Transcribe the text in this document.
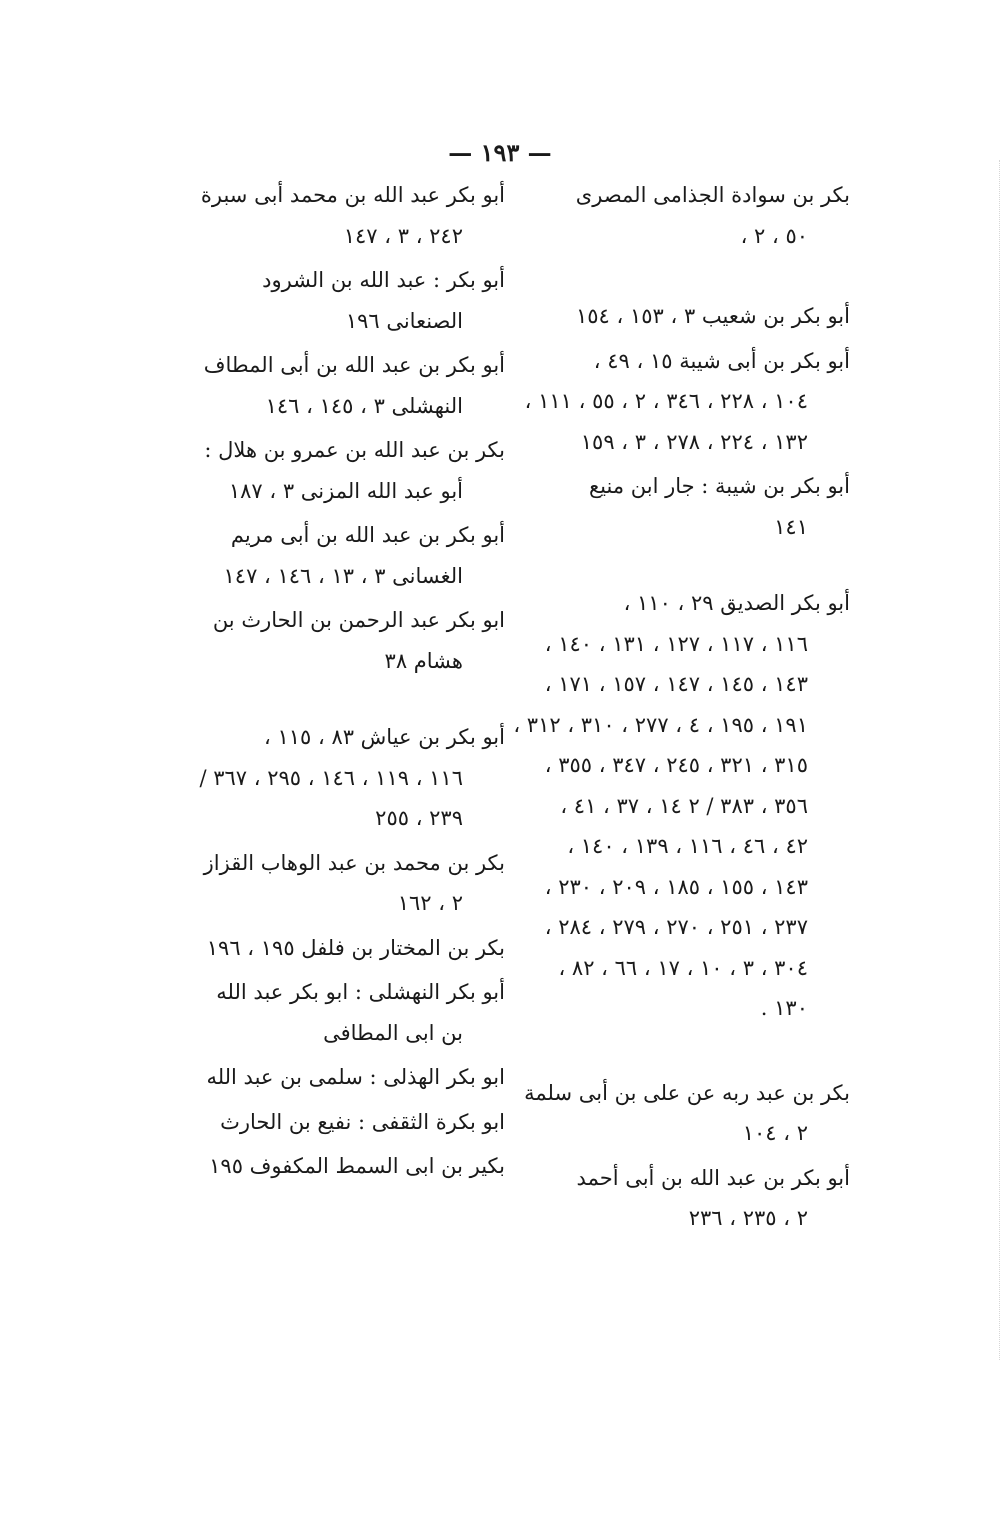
— ١٩٣ —
بكر بن سوادة الجذامى المصرى
٥٠ ، ٢ ،
أبو بكر بن شعيب ٣ ، ١٥٣ ، ١٥٤
أبو بكر بن أبى شيبة ١٥ ، ٤٩ ،
١٠٤ ، ٢٢٨ ، ٣٤٦ ، ٢ ، ٥٥ ، ١١١ ،
١٣٢ ، ٢٢٤ ، ٢٧٨ ، ٣ ، ١٥٩
أبو بكر بن شيبة : جار ابن منيع
١٤١
أبو بكر الصديق ٢٩ ، ١١٠ ،
١١٦ ، ١١٧ ، ١٢٧ ، ١٣١ ، ١٤٠ ،
١٤٣ ، ١٤٥ ، ١٤٧ ، ١٥٧ ، ١٧١ ،
١٩١ ، ١٩٥ ، ٤ ، ٢٧٧ ، ٣١٠ ، ٣١٢ ،
٣١٥ ، ٣٢١ ، ٢٤٥ ، ٣٤٧ ، ٣٥٥ ،
٣٥٦ ، ٣٨٣ / ٢ ١٤ ، ٣٧ ، ٤١ ،
٤٢ ، ٤٦ ، ١١٦ ، ١٣٩ ، ١٤٠ ،
١٤٣ ، ١٥٥ ، ١٨٥ ، ٢٠٩ ، ٢٣٠ ،
٢٣٧ ، ٢٥١ ، ٢٧٠ ، ٢٧٩ ، ٢٨٤ ،
٣٠٤ ، ٣ ، ١٠ ، ١٧ ، ٦٦ ، ٨٢ ،
١٣٠ .
بكر بن عبد ربه عن على بن أبى سلمة
٢ ، ١٠٤
أبو بكر بن عبد الله بن أبى أحمد
٢ ، ٢٣٥ ، ٢٣٦
أبو بكر عبد الله بن محمد أبى سبرة
٢٤٢ ، ٣ ، ١٤٧
أبو بكر : عبد الله بن الشرود
الصنعانى ١٩٦
أبو بكر بن عبد الله بن أبى المطاف
النهشلى ٣ ، ١٤٥ ، ١٤٦
بكر بن عبد الله بن عمرو بن هلال :
أبو عبد الله المزنى ٣ ، ١٨٧
أبو بكر بن عبد الله بن أبى مريم
الغسانى ٣ ، ١٣ ، ١٤٦ ، ١٤٧
ابو بكر عبد الرحمن بن الحارث بن
هشام ٣٨
أبو بكر بن عياش ٨٣ ، ١١٥ ،
١١٦ ، ١١٩ ، ١٤٦ ، ٢٩٥ ، ٣٦٧ /
٢٣٩ ، ٢٥٥
بكر بن محمد بن عبد الوهاب القزاز
٢ ، ١٦٢
بكر بن المختار بن فلفل ١٩٥ ، ١٩٦
أبو بكر النهشلى : ابو بكر عبد الله
بن ابى المطافى
ابو بكر الهذلى : سلمى بن عبد الله
ابو بكرة الثقفى : نفيع بن الحارث
بكير بن ابى السمط المكفوف ١٩٥
